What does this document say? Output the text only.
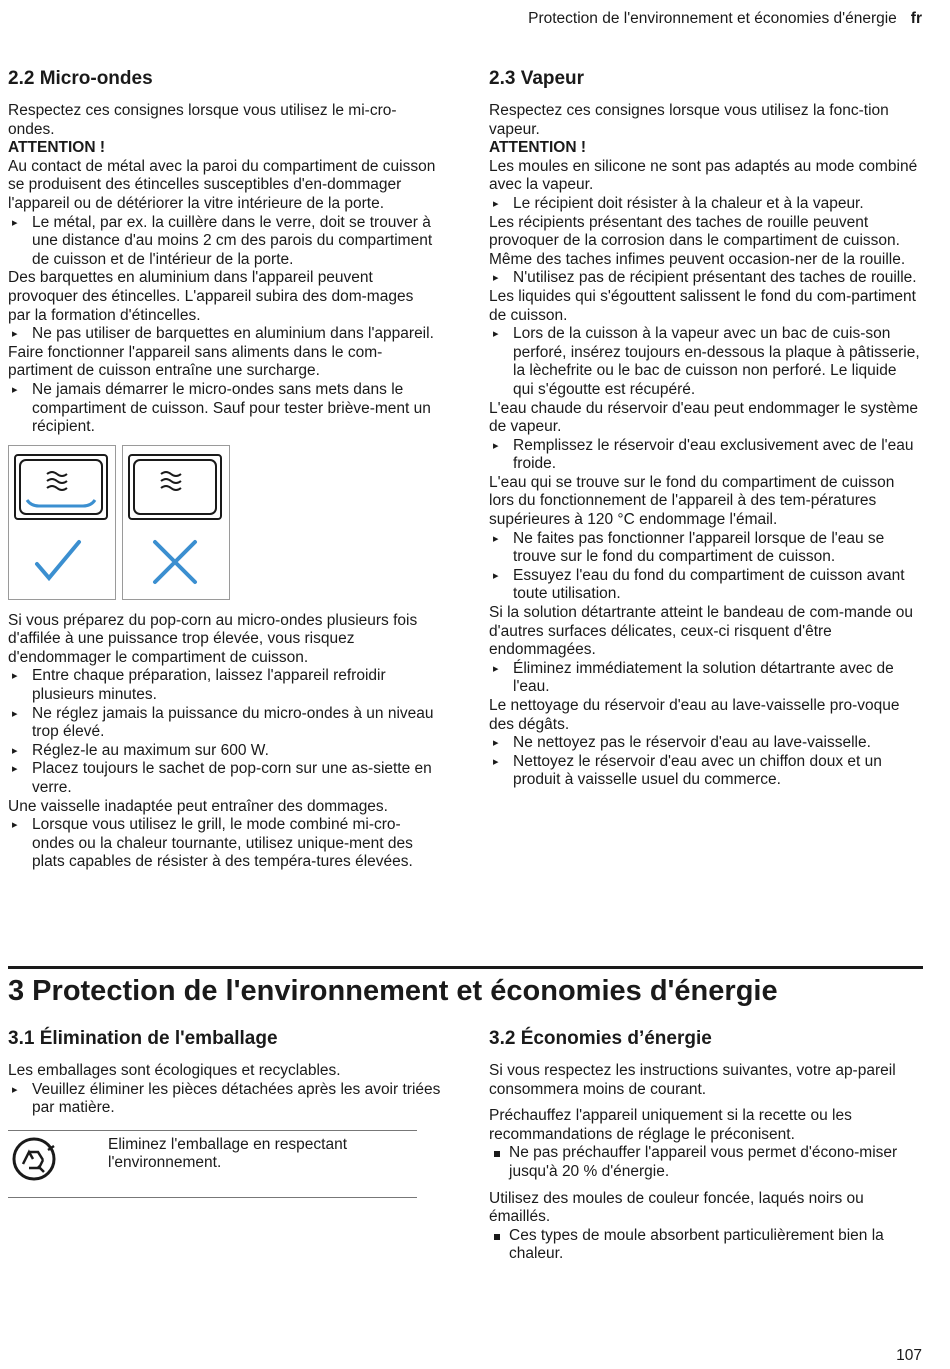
Protection de l'environnement et économies d'énergie fr
2.2 Micro-ondes

Respectez ces consignes lorsque vous utilisez le mi-cro-ondes.

ATTENTION !

Au contact de métal avec la paroi du compartiment de cuisson se produisent des étincelles susceptibles d'en-dommager l'appareil ou de détériorer la vitre intérieure de la porte.

▸ Le métal, par ex. la cuillère dans le verre, doit se trouver à une distance d'au moins 2 cm des parois du compartiment de cuisson et de l'intérieur de la porte.

Des barquettes en aluminium dans l'appareil peuvent provoquer des étincelles. L'appareil subira des dom-mages par la formation d'étincelles.

▸ Ne pas utiliser de barquettes en aluminium dans l'appareil.

Faire fonctionner l'appareil sans aliments dans le com-partiment de cuisson entraîne une surcharge.

▸ Ne jamais démarrer le micro-ondes sans mets dans le compartiment de cuisson. Sauf pour tester briève-ment un récipient.

Si vous préparez du pop-corn au micro-ondes plusieurs fois d'affilée à une puissance trop élevée, vous risquez d'endommager le compartiment de cuisson.

▸ Entre chaque préparation, laissez l'appareil refroidir plusieurs minutes.

▸ Ne réglez jamais la puissance du micro-ondes à un niveau trop élevé.

▸ Réglez-le au maximum sur 600 W.

▸ Placez toujours le sachet de pop-corn sur une as-siette en verre.

Une vaisselle inadaptée peut entraîner des dommages.

▸ Lorsque vous utilisez le grill, le mode combiné mi-cro-ondes ou la chaleur tournante, utilisez unique-ment des plats capables de résister à des tempéra-tures élevées.

2.3 Vapeur

Respectez ces consignes lorsque vous utilisez la fonc-tion vapeur.

ATTENTION !

Les moules en silicone ne sont pas adaptés au mode combiné avec la vapeur.

▸ Le récipient doit résister à la chaleur et à la vapeur.

Les récipients présentant des taches de rouille peuvent provoquer de la corrosion dans le compartiment de cuisson. Même des taches infimes peuvent occasion-ner de la rouille.

▸ N'utilisez pas de récipient présentant des taches de rouille.

Les liquides qui s'égouttent salissent le fond du com-partiment de cuisson.

▸ Lors de la cuisson à la vapeur avec un bac de cuis-son perforé, insérez toujours en-dessous la plaque à pâtisserie, la lèchefrite ou le bac de cuisson non perforé. Le liquide qui s'égoutte est récupéré.

L'eau chaude du réservoir d'eau peut endommager le système de vapeur.

▸ Remplissez le réservoir d'eau exclusivement avec de l'eau froide.

L'eau qui se trouve sur le fond du compartiment de cuisson lors du fonctionnement de l'appareil à des tem-pératures supérieures à 120 °C endommage l'émail.

▸ Ne faites pas fonctionner l'appareil lorsque de l'eau se trouve sur le fond du compartiment de cuisson.

▸ Essuyez l'eau du fond du compartiment de cuisson avant toute utilisation.

Si la solution détartrante atteint le bandeau de com-mande ou d'autres surfaces délicates, ceux-ci risquent d'être endommagées.

▸ Éliminez immédiatement la solution détartrante avec de l'eau.

Le nettoyage du réservoir d'eau au lave-vaisselle pro-voque des dégâts.

▸ Ne nettoyez pas le réservoir d'eau au lave-vaisselle.

▸ Nettoyez le réservoir d'eau avec un chiffon doux et un produit à vaisselle usuel du commerce.

3 Protection de l'environnement et économies d'énergie
3.1 Élimination de l'emballage

Les emballages sont écologiques et recyclables.

▸ Veuillez éliminer les pièces détachées après les avoir triées par matière.

Eliminez l'emballage en respectant l'environnement.
3.2 Économies d’énergie

Si vous respectez les instructions suivantes, votre ap-pareil consommera moins de courant.

Préchauffez l'appareil uniquement si la recette ou les recommandations de réglage le préconisent.

Ne pas préchauffer l'appareil vous permet d'écono-miser jusqu'à 20 % d'énergie.

Utilisez des moules de couleur foncée, laqués noirs ou émaillés.

Ces types de moule absorbent particulièrement bien la chaleur.

107
